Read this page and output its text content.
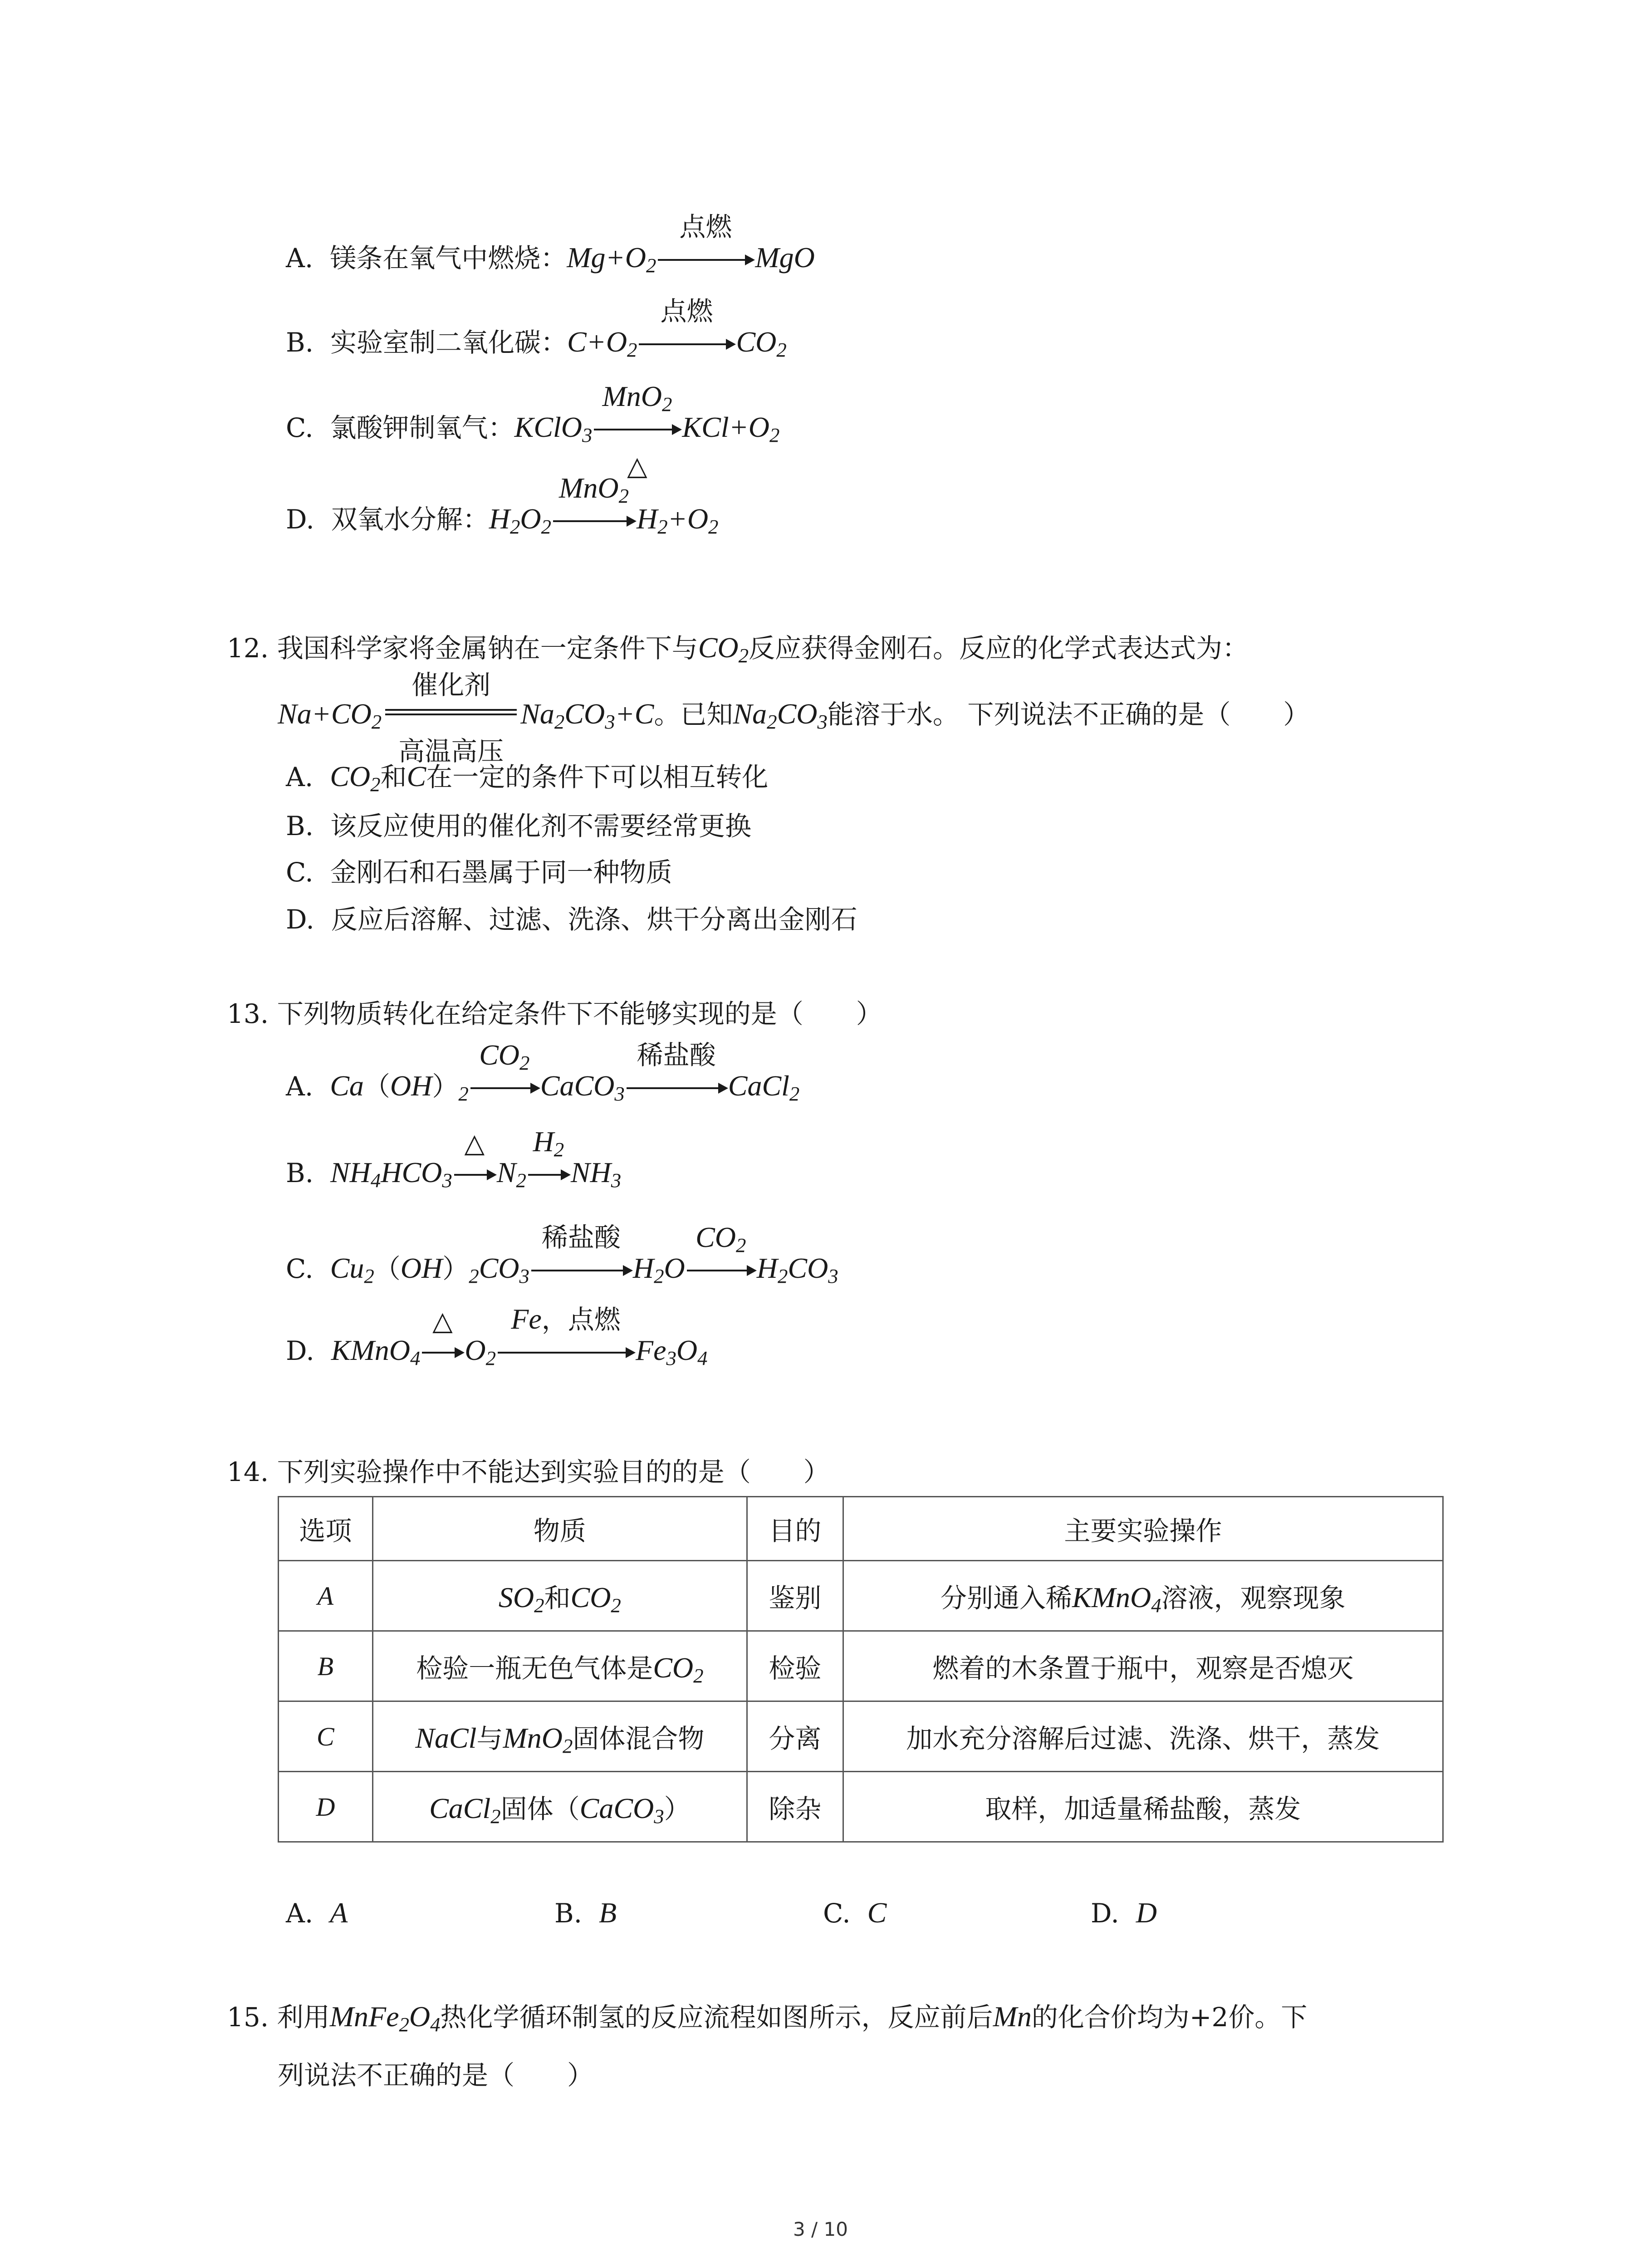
A. 镁条在氧气中燃烧：$Mg+O_2$
点燃
MgO
B. 实验室制二氧化碳：$C+O_2$
点燃
$CO_2$
C. 氯酸钾制氧气：KClO$_3$
MnO$_2$
△
$KCl+O_2$
D. 双氧水分解：$H_2O_2$
MnO$_2$
$H_2+O_2$
12. 我国科学家将金属钠在一定条件下与$CO_2$反应获得金刚石。反应的化学式表达式为：
$Na+CO_2$
催化剂
高温高压
$Na_2CO_3+C$。已知$Na_2CO_3$能溶于水。 下列说法不正确的是（　　）
A. $CO_2$和C在一定的条件下可以相互转化
B. 该反应使用的催化剂不需要经常更换
C. 金刚石和石墨属于同一种物质
D. 反应后溶解、过滤、洗涤、烘干分离出金刚石
13. 下列物质转化在给定条件下不能够实现的是（　　）
A. $Ca(OH)_2$
$CO_2$
CaCO$_3$
稀盐酸
CaCl$_2$
B. $NH_4HCO_3$
△
$N_2$
$H_2$
$NH_3$
C. $Cu_2(OH)_2CO_3$
稀盐酸
$H_2O$
$CO_2$
$H_2CO_3$
D. KMnO$_4$
△
$O_2$
Fe，点燃
$Fe_3O_4$
14. 下列实验操作中不能达到实验目的的是（　　）
选项	物质	目的	主要实验操作
A	$SO_2$和$CO_2$	鉴别	分别通入稀KMnO$_4$溶液，观察现象
B	检验一瓶无色气体是$CO_2$	检验	燃着的木条置于瓶中，观察是否熄灭
C	NaCl与MnO$_2$固体混合物	分离	加水充分溶解后过滤、洗涤、烘干，蒸发
D	CaCl$_2$固体（CaCO$_3$）	除杂	取样，加适量稀盐酸，蒸发
A. A	B. B	C. C	D. D
15. 利用$MnFe_2O_4$热化学循环制氢的反应流程如图所示，反应前后Mn的化合价均为+2价。下
列说法不正确的是（　　）
3 / 10
